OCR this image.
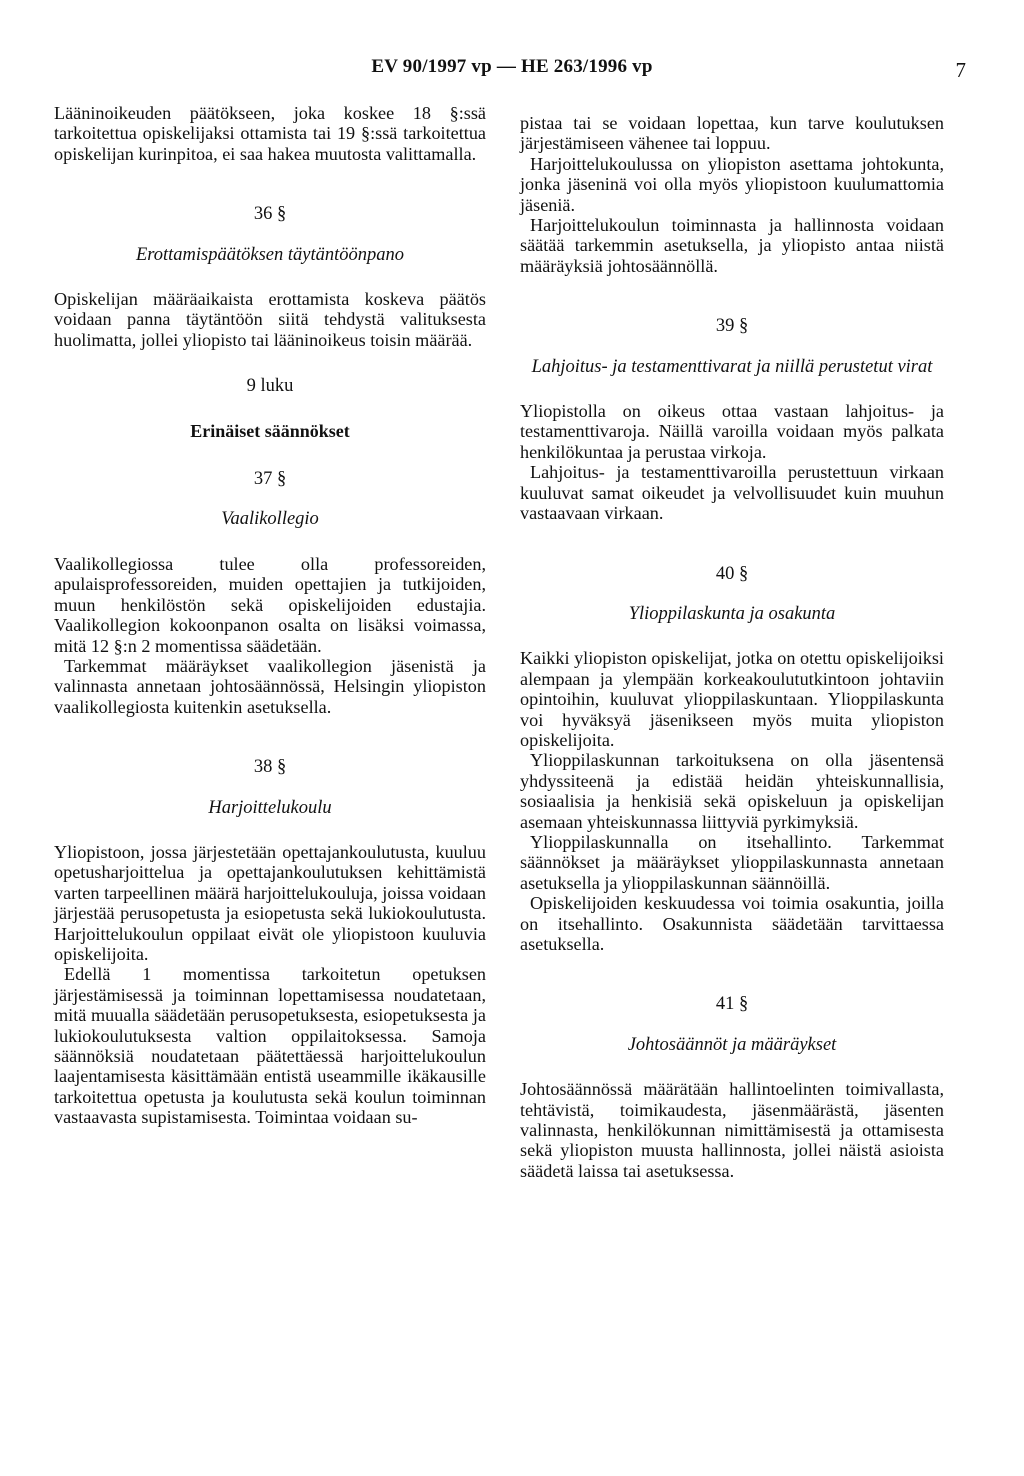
EV 90/1997 vp — HE 263/1996 vp	7

Lääninoikeuden päätökseen, joka koskee 18 §:ssä tarkoitettua opiskelijaksi ottamista tai 19 §:ssä tarkoitettua opiskelijan kurinpitoa, ei saa hakea muutosta valittamalla.

36 §
Erottamispäätöksen täytäntöönpano

Opiskelijan määräaikaista erottamista koskeva päätös voidaan panna täytäntöön siitä tehdystä valituksesta huolimatta, jollei yliopisto tai lääninoikeus toisin määrää.

9 luku
Erinäiset säännökset
37 §
Vaalikollegio

Vaalikollegiossa tulee olla professoreiden, apulaisprofessoreiden, muiden opettajien ja tutkijoiden, muun henkilöstön sekä opiskelijoiden edustajia. Vaalikollegion kokoonpanon osalta on lisäksi voimassa, mitä 12 §:n 2 momentissa säädetään.

Tarkemmat määräykset vaalikollegion jäsenistä ja valinnasta annetaan johtosäännössä, Helsingin yliopiston vaalikollegiosta kuitenkin asetuksella.

38 §
Harjoittelukoulu

Yliopistoon, jossa järjestetään opettajankoulutusta, kuuluu opetusharjoittelua ja opettajankoulutuksen kehittämistä varten tarpeellinen määrä harjoittelukouluja, joissa voidaan järjestää perusopetusta ja esiopetusta sekä lukiokoulutusta. Harjoittelukoulun oppilaat eivät ole yliopistoon kuuluvia opiskelijoita.

Edellä 1 momentissa tarkoitetun opetuksen järjestämisessä ja toiminnan lopettamisessa noudatetaan, mitä muualla säädetään perusopetuksesta, esiopetuksesta ja lukiokoulutuksesta valtion oppilaitoksessa. Samoja säännöksiä noudatetaan päätettäessä harjoittelukoulun laajentamisesta käsittämään entistä useammille ikäkausille tarkoitettua opetusta ja koulutusta sekä koulun toiminnan vastaavasta supistamisesta. Toimintaa voidaan su-

pistaa tai se voidaan lopettaa, kun tarve koulutuksen järjestämiseen vähenee tai loppuu.

Harjoittelukoulussa on yliopiston asettama johtokunta, jonka jäseninä voi olla myös yliopistoon kuulumattomia jäseniä.

Harjoittelukoulun toiminnasta ja hallinnosta voidaan säätää tarkemmin asetuksella, ja yliopisto antaa niistä määräyksiä johtosäännöllä.

39 §
Lahjoitus- ja testamenttivarat ja niillä perustetut virat

Yliopistolla on oikeus ottaa vastaan lahjoitus- ja testamenttivaroja. Näillä varoilla voidaan myös palkata henkilökuntaa ja perustaa virkoja.

Lahjoitus- ja testamenttivaroilla perustettuun virkaan kuuluvat samat oikeudet ja velvollisuudet kuin muuhun vastaavaan virkaan.

40 §
Ylioppilaskunta ja osakunta

Kaikki yliopiston opiskelijat, jotka on otettu opiskelijoiksi alempaan ja ylempään korkeakoulututkintoon johtaviin opintoihin, kuuluvat ylioppilaskuntaan. Ylioppilaskunta voi hyväksyä jäsenikseen myös muita yliopiston opiskelijoita.

Ylioppilaskunnan tarkoituksena on olla jäsentensä yhdyssiteenä ja edistää heidän yhteiskunnallisia, sosiaalisia ja henkisiä sekä opiskeluun ja opiskelijan asemaan yhteiskunnassa liittyviä pyrkimyksiä.

Ylioppilaskunnalla on itsehallinto. Tarkemmat säännökset ja määräykset ylioppilaskunnasta annetaan asetuksella ja ylioppilaskunnan säännöillä.

Opiskelijoiden keskuudessa voi toimia osakuntia, joilla on itsehallinto. Osakunnista säädetään tarvittaessa asetuksella.

41 §
Johtosäännöt ja määräykset

Johtosäännössä määrätään hallintoelinten toimivallasta, tehtävistä, toimikaudesta, jäsenmäärästä, jäsenten valinnasta, henkilökunnan nimittämisestä ja ottamisesta sekä yliopiston muusta hallinnosta, jollei näistä asioista säädetä laissa tai asetuksessa.
